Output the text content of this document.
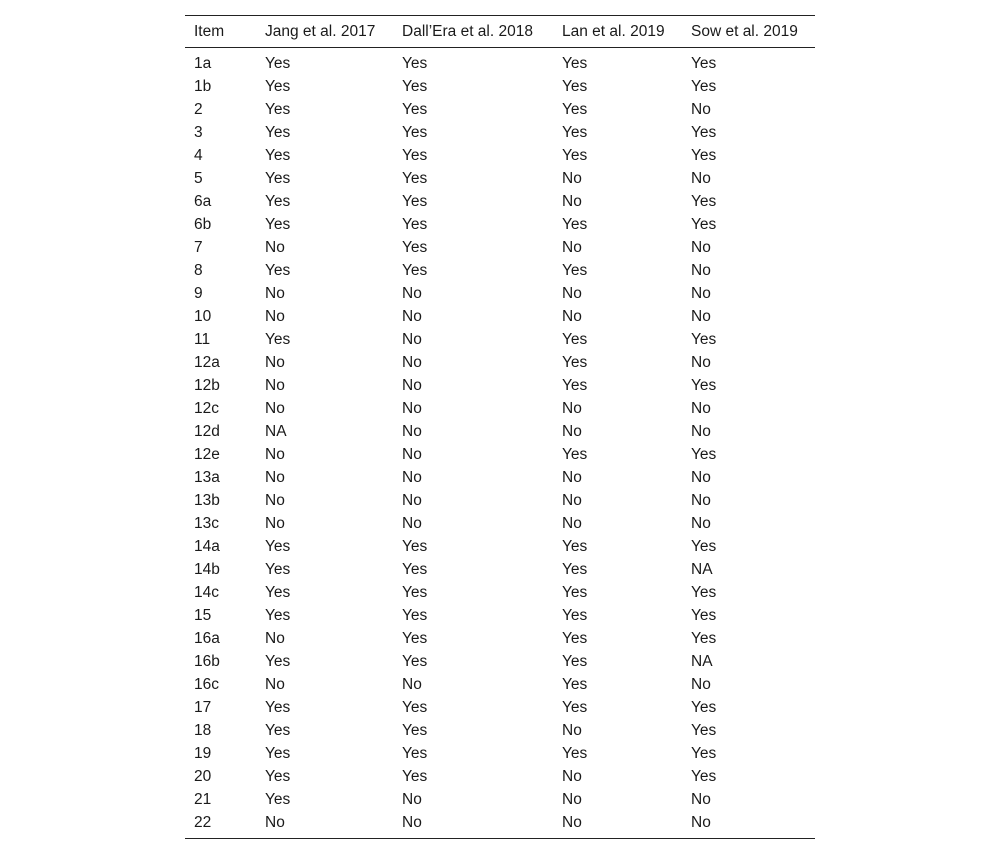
Item	Jang et al. 2017	Dall’Era et al. 2018	Lan et al. 2019	Sow et al. 2019
1a	Yes	Yes	Yes	Yes
1b	Yes	Yes	Yes	Yes
2	Yes	Yes	Yes	No
3	Yes	Yes	Yes	Yes
4	Yes	Yes	Yes	Yes
5	Yes	Yes	No	No
6a	Yes	Yes	No	Yes
6b	Yes	Yes	Yes	Yes
7	No	Yes	No	No
8	Yes	Yes	Yes	No
9	No	No	No	No
10	No	No	No	No
11	Yes	No	Yes	Yes
12a	No	No	Yes	No
12b	No	No	Yes	Yes
12c	No	No	No	No
12d	NA	No	No	No
12e	No	No	Yes	Yes
13a	No	No	No	No
13b	No	No	No	No
13c	No	No	No	No
14a	Yes	Yes	Yes	Yes
14b	Yes	Yes	Yes	NA
14c	Yes	Yes	Yes	Yes
15	Yes	Yes	Yes	Yes
16a	No	Yes	Yes	Yes
16b	Yes	Yes	Yes	NA
16c	No	No	Yes	No
17	Yes	Yes	Yes	Yes
18	Yes	Yes	No	Yes
19	Yes	Yes	Yes	Yes
20	Yes	Yes	No	Yes
21	Yes	No	No	No
22	No	No	No	No
